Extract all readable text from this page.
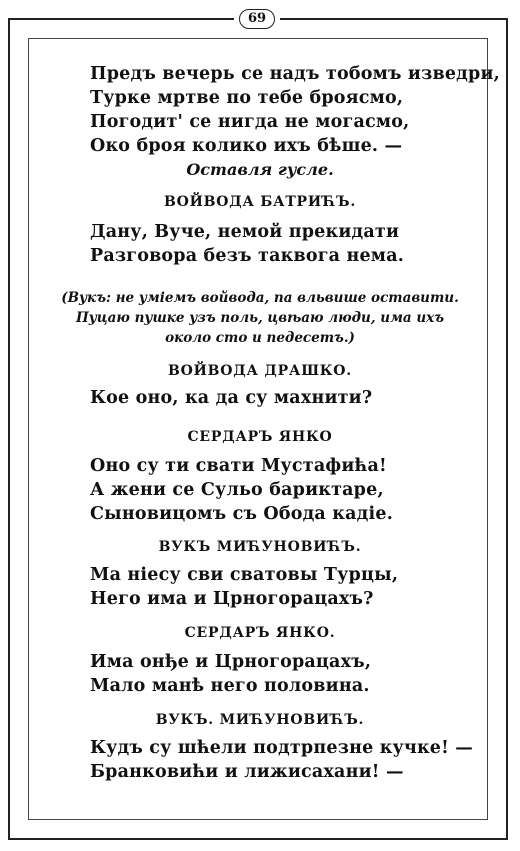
69

Предъ вечерь се надъ тобомъ изведри,

Турке мртве по тебе броясмо,

Погодит' се нигда не могасмо,

Око броя колико ихъ бѣше. —

Оставля гусле.

ВОЙВОДА БАТРИЋЪ.

Дану, Вуче, немой прекидати

Разговора безъ таквога нема.

(Вукъ: не умiемъ войвода, па вльвише оставити.

Пуцаю пушке узъ поль, цвѣаю люди, има ихъ

около сто и педесетъ.)

ВОЙВОДА ДРАШКО.

Кое оно, ка да су махнити?

СЕРДАРЪ ЯНКО

Оно су ти свати Мустафића!

А жени се Сульо бариктаре,

Сыновицомъ съ Обода кадіе.

ВУКЪ МИЋУНОВИЋЪ.

Ма нiесу сви сватовы Турцы,

Него има и Црногорацахъ?

СЕРДАРЪ ЯНКО.

Има онђе и Црногорацахъ,

Мало манѣ него половина.

ВУКЪ. МИЋУНОВИЋЪ.

Кудъ су шћели подтрпезне кучке! —

Бранковићи и лижисахани! —
